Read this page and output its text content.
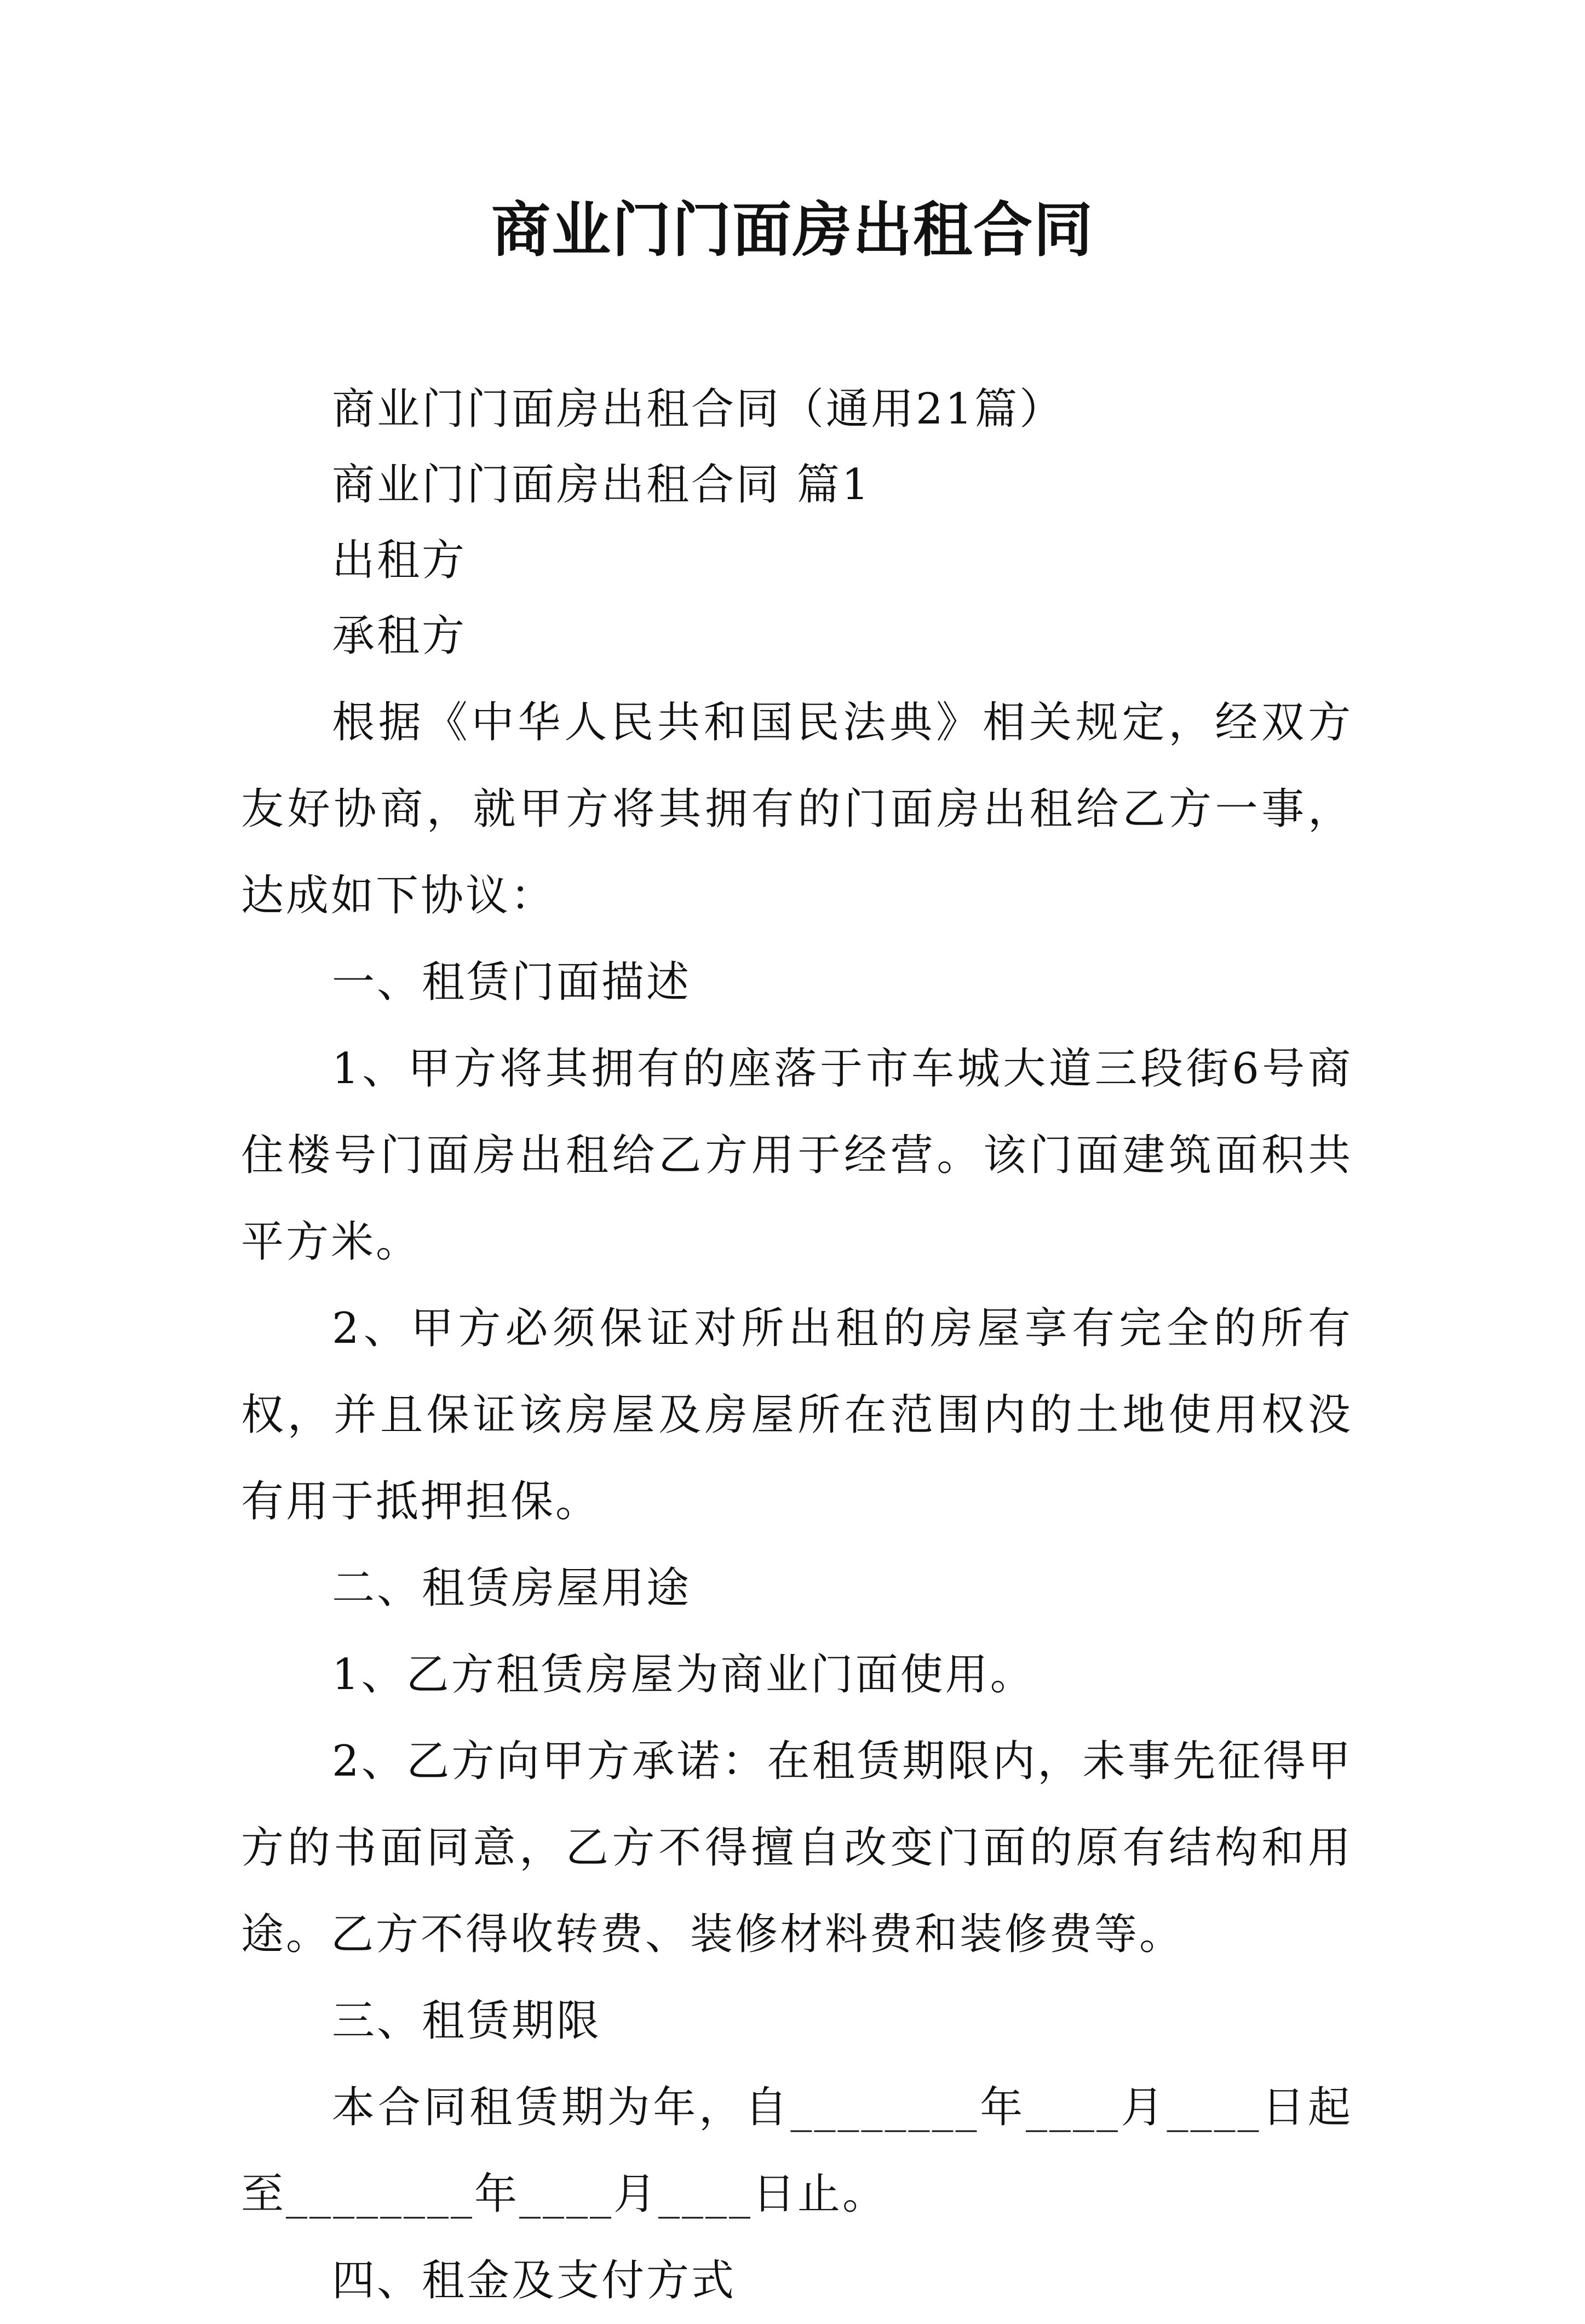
商业门门面房出租合同

商业门门面房出租合同（通用21篇）

商业门门面房出租合同 篇1

出租方

承租方

根据《中华人民共和国民法典》相关规定，经双方友好协商，就甲方将其拥有的门面房出租给乙方一事，达成如下协议：

一、租赁门面描述

1、甲方将其拥有的座落于市车城大道三段街6号商住楼号门面房出租给乙方用于经营。该门面建筑面积共平方米。

2、甲方必须保证对所出租的房屋享有完全的所有权，并且保证该房屋及房屋所在范围内的土地使用权没有用于抵押担保。

二、租赁房屋用途

1、乙方租赁房屋为商业门面使用。

2、乙方向甲方承诺：在租赁期限内，未事先征得甲方的书面同意，乙方不得擅自改变门面的原有结构和用途。乙方不得收转费、装修材料费和装修费等。

三、租赁期限

本合同租赁期为年，自________年____月____日起至________年____月____日止。

四、租金及支付方式
